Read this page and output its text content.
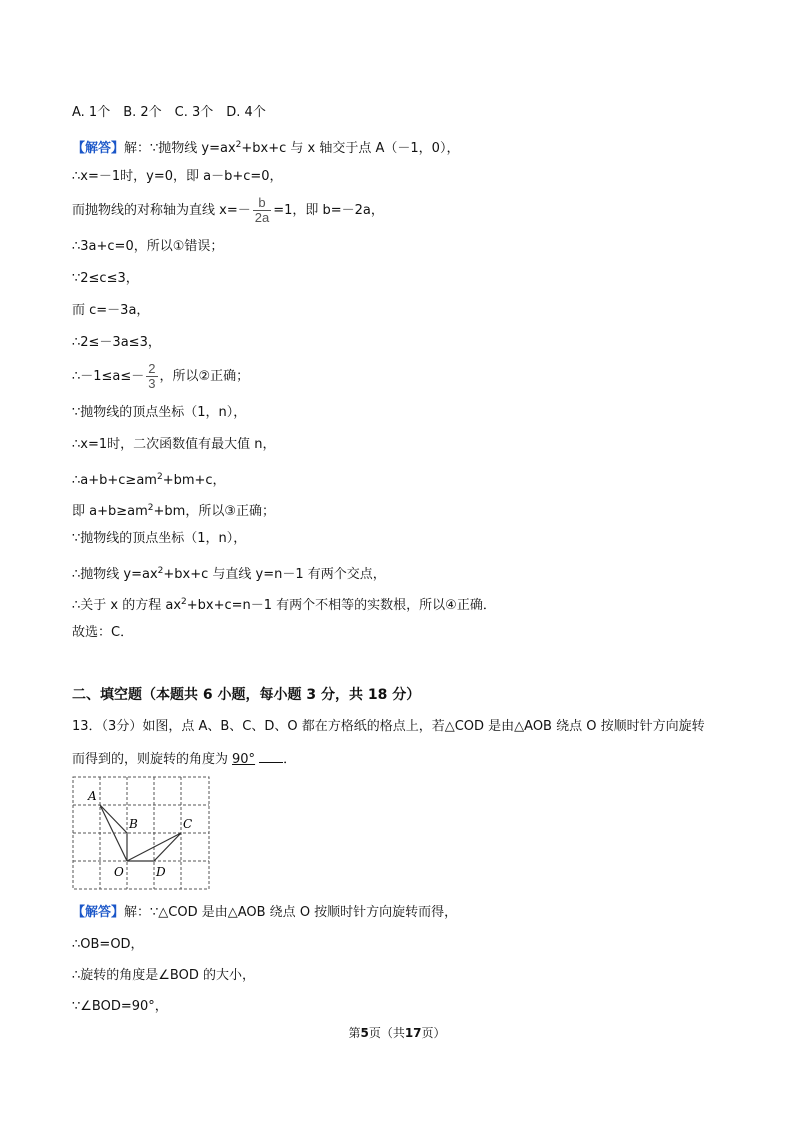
A. 1个　B. 2个　C. 3个　D. 4个
【解答】解：∵抛物线 $y=ax^2+bx+c$ 与 x 轴交于点 A（－1，0），
∴x=－1时，y=0，即 a－b+c=0，
而抛物线的对称轴为直线 $x=- \frac{b}{2a} =1$，即 b=－2a，
∴3a+c=0，所以①错误；
∵2≤c≤3，
而 c=－3a，
∴2≤－3a≤3，
∴－1≤a≤－ $\frac{2}{3}$ ，所以②正确；
∵抛物线的顶点坐标（1，n），
∴x=1时，二次函数值有最大值 n，
$\therefore a+b+c\ge am^2+bm+c$，
即 $a+b\ge am^2+bm$，所以③正确；
∵抛物线的顶点坐标（1，n），
∴抛物线 $y=ax^2+bx+c$ 与直线 y=n－1 有两个交点，
∴关于 x 的方程 $ax^2+bx+c=n-1$ 有两个不相等的实数根，所以④正确．
故选：C．
二、填空题（本题共 6 小题，每小题 3 分，共 18 分）
13．（3分）如图，点 A、B、C、D、O 都在方格纸的格点上，若△COD 是由△AOB 绕点 O 按顺时针方向旋转
而得到的，则旋转的角度为 90° ．
A
B	C
O	D
【解答】解：∵△COD 是由△AOB 绕点 O 按顺时针方向旋转而得，
∴OB=OD，
∴旋转的角度是∠BOD 的大小，
∵∠BOD=90°，
第5页（共17页）
